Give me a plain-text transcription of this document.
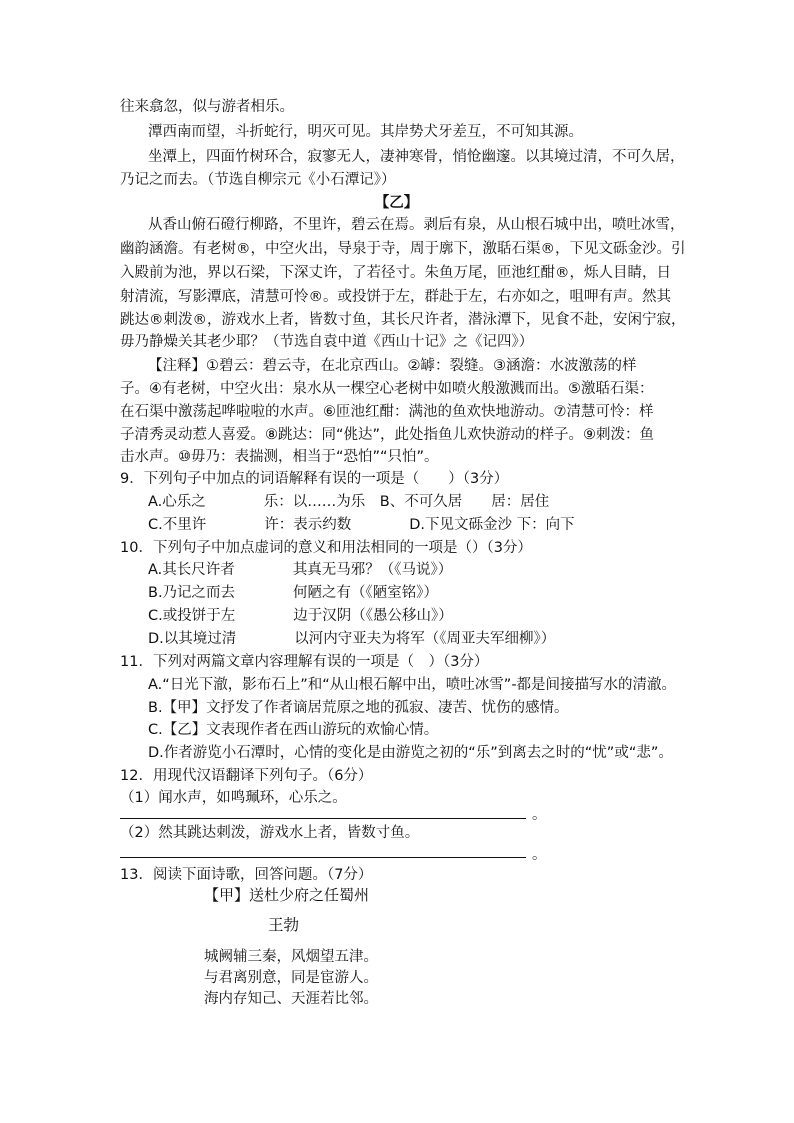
往来翕忽，似与游者相乐。
潭西南而望，斗折蛇行，明灭可见。其岸势犬牙差互，不可知其源。
坐潭上，四面竹树环合，寂寥无人，凄神寒骨，悄怆幽邃。以其境过清，不可久居，
乃记之而去。（节选自柳宗元《小石潭记》）
【乙】
从香山俯石磴行柳路，不里许，碧云在焉。剥后有泉，从山根石城中出，喷吐冰雪，
幽韵涵澹。有老树®，中空火出，导泉于寺，周于廓下，激聒石渠®，下见文砾金沙。引
入殿前为池，界以石梁，下深丈许，了若径寸。朱鱼万尾，匝池红酣®，烁人目睛，日
射清流，写影潭底，清慧可怜®。或投饼于左，群赴于左，右亦如之，咀呷有声。然其
跳达®刺泼®，游戏水上者，皆数寸鱼，其长尺许者，潜泳潭下，见食不赴，安闲宁寂，
毋乃静燥关其老少耶？（节选自袁中道《西山十记》之《记四》）
【注释】①碧云：碧云寺，在北京西山。②罅：裂缝。③涵澹：水波激荡的样
子。④有老树，中空火出：泉水从一棵空心老树中如喷火般激溅而出。⑤激聒石渠：
在石渠中激荡起哗啦啦的水声。⑥匝池红酣：满池的鱼欢快地游动。⑦清慧可怜：样
子清秀灵动惹人喜爱。⑧跳达：同“佻达”，此处指鱼儿欢快游动的样子。⑨刺泼：鱼
击水声。⑩毋乃：表揣测，相当于“恐怕”“只怕”。
9．下列句子中加点的词语解释有误的一项是（　　）（3分）
A.心乐之　　　　乐：以……为乐　B、不可久居　　居：居住
C.不里许　　　　许：表示约数　　　　D.下见文砾金沙 下：向下
10．下列句子中加点虚词的意义和用法相同的一项是（）（3分）
A.其长尺许者　　　　其真无马邪？（《马说》）
B.乃记之而去　　　　何陋之有（《陋室铭》）
C.或投饼于左　　　　边于汉阴（《愚公移山》）
D.以其境过清　　　　以河内守亚夫为将军（《周亚夫军细柳》）
11．下列对两篇文章内容理解有误的一项是（　）（3分）
A.“日光下澈，影布石上”和“从山根石解中出，喷吐冰雪”-都是间接描写水的清澈。
B.【甲】文抒发了作者谪居荒原之地的孤寂、凄苦、忧伤的感情。
C.【乙】文表现作者在西山游玩的欢愉心情。
D.作者游览小石潭时，心情的变化是由游览之初的“乐”到离去之时的“忧”或“悲”。
12．用现代汉语翻译下列句子。（6分）
（1）闻水声，如鸣珮环，心乐之。
。
（2）然其跳达刺泼，游戏水上者，皆数寸鱼。
。
13．阅读下面诗歌，回答问题。（7分）
【甲】送杜少府之任蜀州
王勃
城阙辅三秦，风烟望五津。
与君离别意，同是宦游人。
海内存知己、天涯若比邻。
